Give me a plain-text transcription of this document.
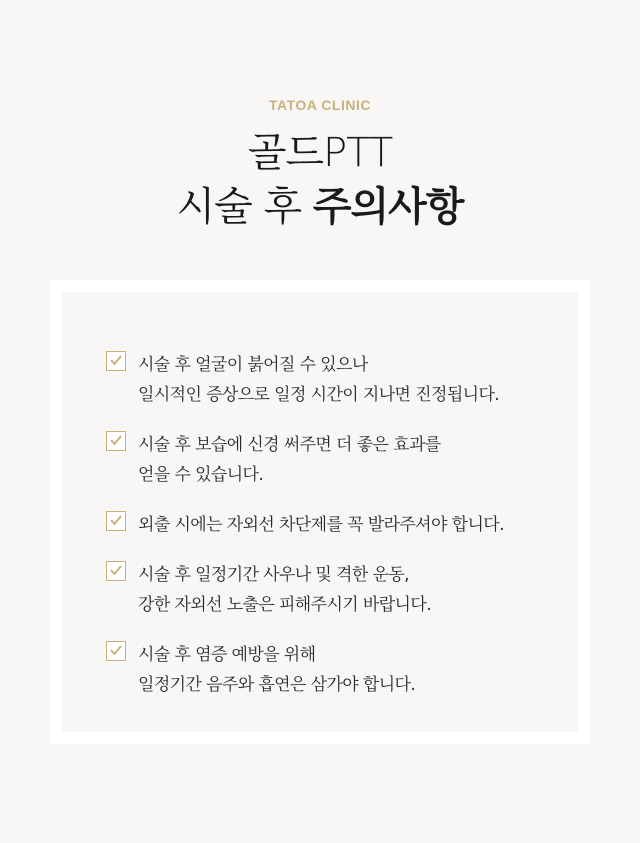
TATOA CLINIC
골드PTT
시술 후 주의사항
시술 후 얼굴이 붉어질 수 있으나
일시적인 증상으로 일정 시간이 지나면 진정됩니다.
시술 후 보습에 신경 써주면 더 좋은 효과를
얻을 수 있습니다.
외출 시에는 자외선 차단제를 꼭 발라주셔야 합니다.
시술 후 일정기간 사우나 및 격한 운동,
강한 자외선 노출은 피해주시기 바랍니다.
시술 후 염증 예방을 위해
일정기간 음주와 흡연은 삼가야 합니다.
